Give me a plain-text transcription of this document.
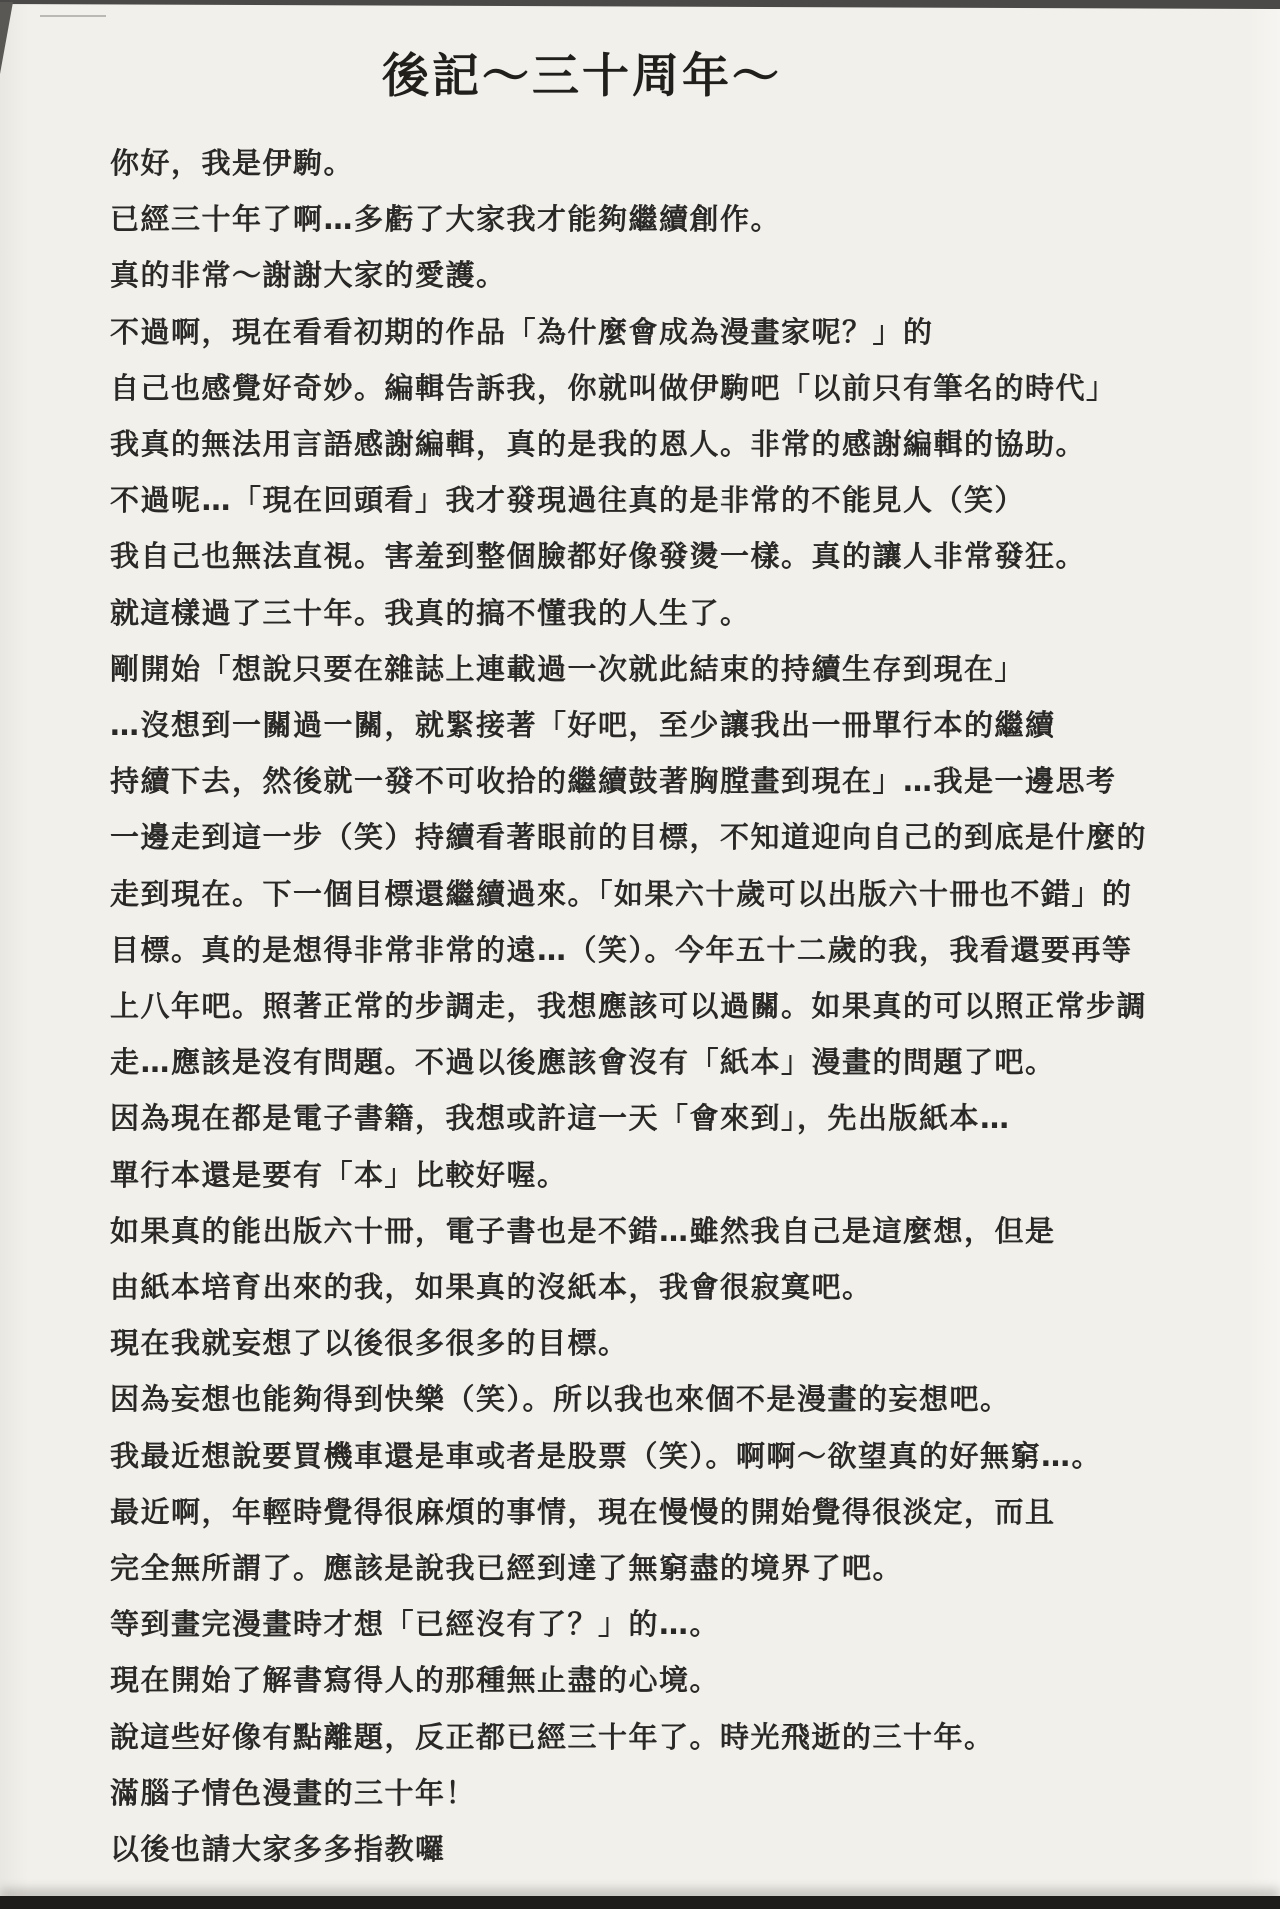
後記～三十周年～

你好，我是伊駒。

已經三十年了啊…多虧了大家我才能夠繼續創作。

真的非常～謝謝大家的愛護。

不過啊，現在看看初期的作品「為什麼會成為漫畫家呢？」的

自己也感覺好奇妙。編輯告訴我，你就叫做伊駒吧「以前只有筆名的時代」

我真的無法用言語感謝編輯，真的是我的恩人。非常的感謝編輯的協助。

不過呢…「現在回頭看」我才發現過往真的是非常的不能見人（笑）

我自己也無法直視。害羞到整個臉都好像發燙一樣。真的讓人非常發狂。

就這樣過了三十年。我真的搞不懂我的人生了。

剛開始「想說只要在雜誌上連載過一次就此結束的持續生存到現在」

…沒想到一關過一關，就緊接著「好吧，至少讓我出一冊單行本的繼續

持續下去，然後就一發不可收拾的繼續鼓著胸膛畫到現在」…我是一邊思考

一邊走到這一步（笑）持續看著眼前的目標，不知道迎向自己的到底是什麼的

走到現在。下一個目標還繼續過來。「如果六十歲可以出版六十冊也不錯」的

目標。真的是想得非常非常的遠…（笑）。今年五十二歲的我，我看還要再等

上八年吧。照著正常的步調走，我想應該可以過關。如果真的可以照正常步調

走…應該是沒有問題。不過以後應該會沒有「紙本」漫畫的問題了吧。

因為現在都是電子書籍，我想或許這一天「會來到」，先出版紙本…

單行本還是要有「本」比較好喔。

如果真的能出版六十冊，電子書也是不錯…雖然我自己是這麼想，但是

由紙本培育出來的我，如果真的沒紙本，我會很寂寞吧。

現在我就妄想了以後很多很多的目標。

因為妄想也能夠得到快樂（笑）。所以我也來個不是漫畫的妄想吧。

我最近想說要買機車還是車或者是股票（笑）。啊啊～欲望真的好無窮…。

最近啊，年輕時覺得很麻煩的事情，現在慢慢的開始覺得很淡定，而且

完全無所謂了。應該是說我已經到達了無窮盡的境界了吧。

等到畫完漫畫時才想「已經沒有了？」的…。

現在開始了解書寫得人的那種無止盡的心境。

說這些好像有點離題，反正都已經三十年了。時光飛逝的三十年。

滿腦子情色漫畫的三十年！

以後也請大家多多指教囉
